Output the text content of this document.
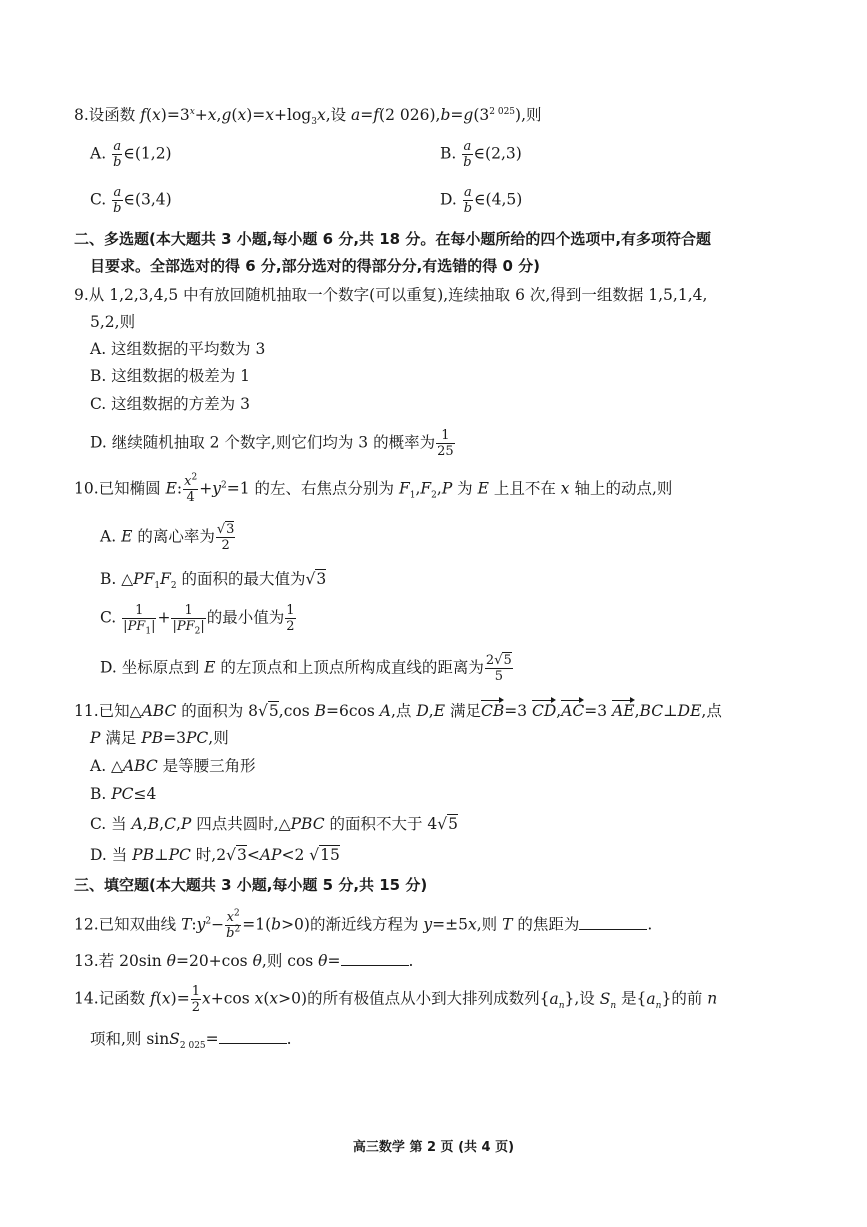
8.设函数 $f(x)=3^x+x,g(x)=x+\log_3x$,设 a=f(2 $026),b=g(3^{2 025})$,则
A. $\frac{a}{b}$ ∈(1,2)	B. $\frac{a}{b}$ ∈(2,3)
C. $\frac{a}{b}$ ∈(3,4)	D. $\frac{a}{b}$ ∈(4,5)
二、多选题(本大题共 3 小题,每小题 6 分,共 18 分。在每小题所给的四个选项中,有多项符合题
目要求。全部选对的得 6 分,部分选对的得部分分,有选错的得 0 分)
9.从 1,2,3,4,5 中有放回随机抽取一个数字(可以重复),连续抽取 6 次,得到一组数据 1,5,1,4,
5,2,则
A. 这组数据的平均数为 3
B. 这组数据的极差为 1
C. 这组数据的方差为 3
D. 继续随机抽取 2 个数字,则它们均为 3 的概率为 $\frac{1}{25}$
10.已知椭圆 E: $\frac{x^2}{4} +y^2=1$ 的左、右焦点分别为 $F_1,F_2,P$ 为 E 上且不在 x 轴上的动点,则
A. E 的离心率为 $\frac{√3}{2}$
B. $\triangle PF_1F_2$ 的面积的最大值为√3
C. $\frac{1}{|PF_1|} + \frac{1}{|PF_2|}$ 的最小值为 $\frac{1}{2}$
D. 坐标原点到 E 的左顶点和上顶点所构成直线的距离为 $\frac{2√5}{5}$
11.已知△ABC 的面积为 8√5,cos B=6cos A,点 D,E 满足CB=3 CD,AC=3 AE,BC⊥DE,点
P 满足 PB=3PC,则
A. △ABC 是等腰三角形
B. PC≤4
C. 当 A,B,C,P 四点共圆时,△PBC 的面积不大于 4√5
D. 当 PB⊥PC 时,2√3<AP<2 √15
三、填空题(本大题共 3 小题,每小题 5 分,共 15 分)
12.已知双曲线 $T:y^2- \frac{x^2}{b^2} =1(b>0)$的渐近线方程为 y=±5x,则 T 的焦距为	.
13.若 20sin θ=20+cos θ,则 cos θ=	.
14.记函数 $f(x)= \frac{1}{2} x+\cos$ x(x>0)的所有极值点从小到大排列成数列$\{a_n\}$,设 $S_n$ 是$\{a_n\}$的前 n
项和,则 sinS$_{2 025}$=	.
高三数学 第 2 页 (共 4 页)
